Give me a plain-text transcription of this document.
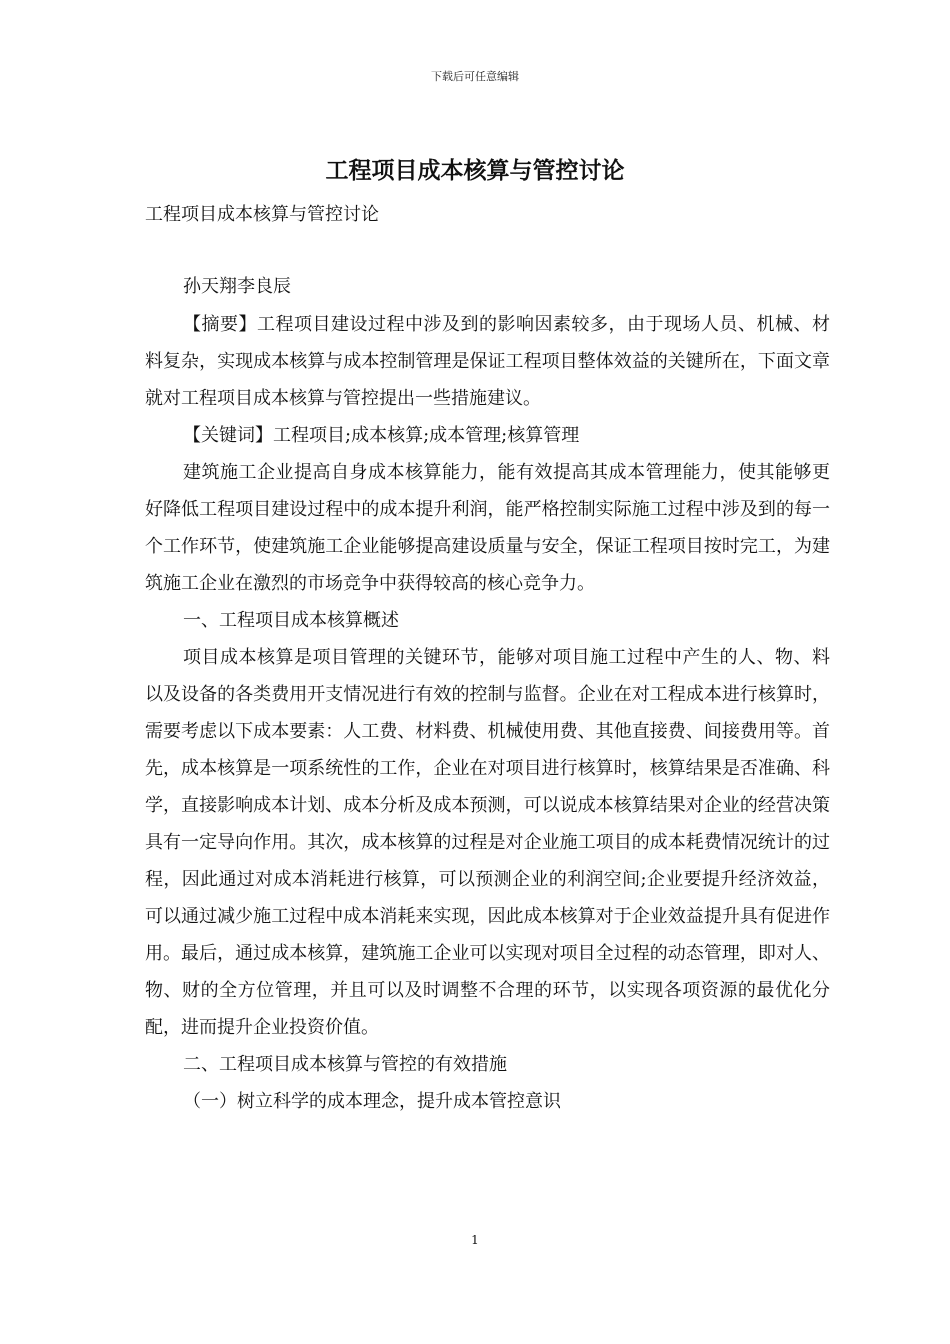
下载后可任意编辑
工程项目成本核算与管控讨论
工程项目成本核算与管控讨论

孙天翔李良辰

【摘要】工程项目建设过程中涉及到的影响因素较多，由于现场人员、机械、材料复杂，实现成本核算与成本控制管理是保证工程项目整体效益的关键所在，下面文章就对工程项目成本核算与管控提出一些措施建议。

【关键词】工程项目;成本核算;成本管理;核算管理

建筑施工企业提高自身成本核算能力，能有效提高其成本管理能力，使其能够更好降低工程项目建设过程中的成本提升利润，能严格控制实际施工过程中涉及到的每一个工作环节，使建筑施工企业能够提高建设质量与安全，保证工程项目按时完工，为建筑施工企业在激烈的市场竞争中获得较高的核心竞争力。

一、工程项目成本核算概述

项目成本核算是项目管理的关键环节，能够对项目施工过程中产生的人、物、料以及设备的各类费用开支情况进行有效的控制与监督。企业在对工程成本进行核算时，需要考虑以下成本要素：人工费、材料费、机械使用费、其他直接费、间接费用等。首先，成本核算是一项系统性的工作，企业在对项目进行核算时，核算结果是否准确、科学，直接影响成本计划、成本分析及成本预测，可以说成本核算结果对企业的经营决策具有一定导向作用。其次，成本核算的过程是对企业施工项目的成本耗费情况统计的过程，因此通过对成本消耗进行核算，可以预测企业的利润空间;企业要提升经济效益，可以通过减少施工过程中成本消耗来实现，因此成本核算对于企业效益提升具有促进作用。最后，通过成本核算，建筑施工企业可以实现对项目全过程的动态管理，即对人、物、财的全方位管理，并且可以及时调整不合理的环节，以实现各项资源的最优化分配，进而提升企业投资价值。

二、工程项目成本核算与管控的有效措施

（一）树立科学的成本理念，提升成本管控意识

1
